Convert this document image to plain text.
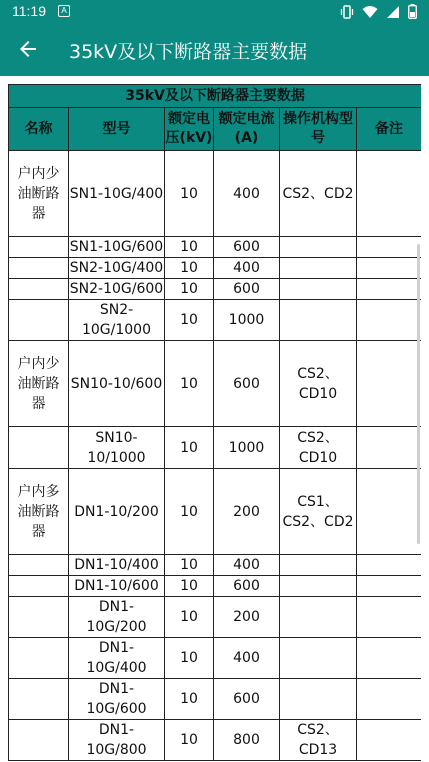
11:19	A
35kV及以下断路器主要数据
35kV及以下断路器主要数据					
名称	型号	额定电压(kV)	额定电流(A)	操作机构型号	备注
户内少油断路器	SN1-10G/400	10	400	CS2、CD2	
	SN1-10G/600	10	600		
	SN2-10G/400	10	400		
	SN2-10G/600	10	600		
	SN2-10G/1000	10	1000		
户内少油断路器	SN10-10/600	10	600	CS2、CD10	
	SN10-10/1000	10	1000	CS2、CD10	
户内多油断路器	DN1-10/200	10	200	CS1、CS2、CD2	
	DN1-10/400	10	400		
	DN1-10/600	10	600		
	DN1-10G/200	10	200		
	DN1-10G/400	10	400		
	DN1-10G/600	10	600		
	DN1-10G/800	10	800	CS2、CD13	
